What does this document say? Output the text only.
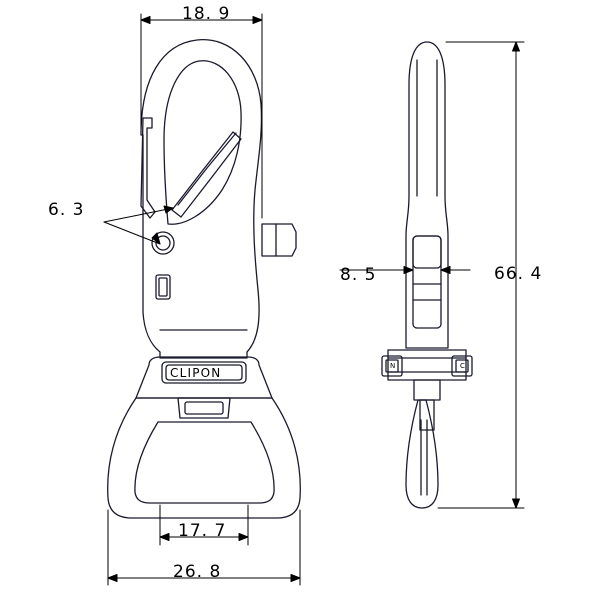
18. 9
6. 3
17. 7
26. 8
8. 5	66. 4
CLIPON	N	C
